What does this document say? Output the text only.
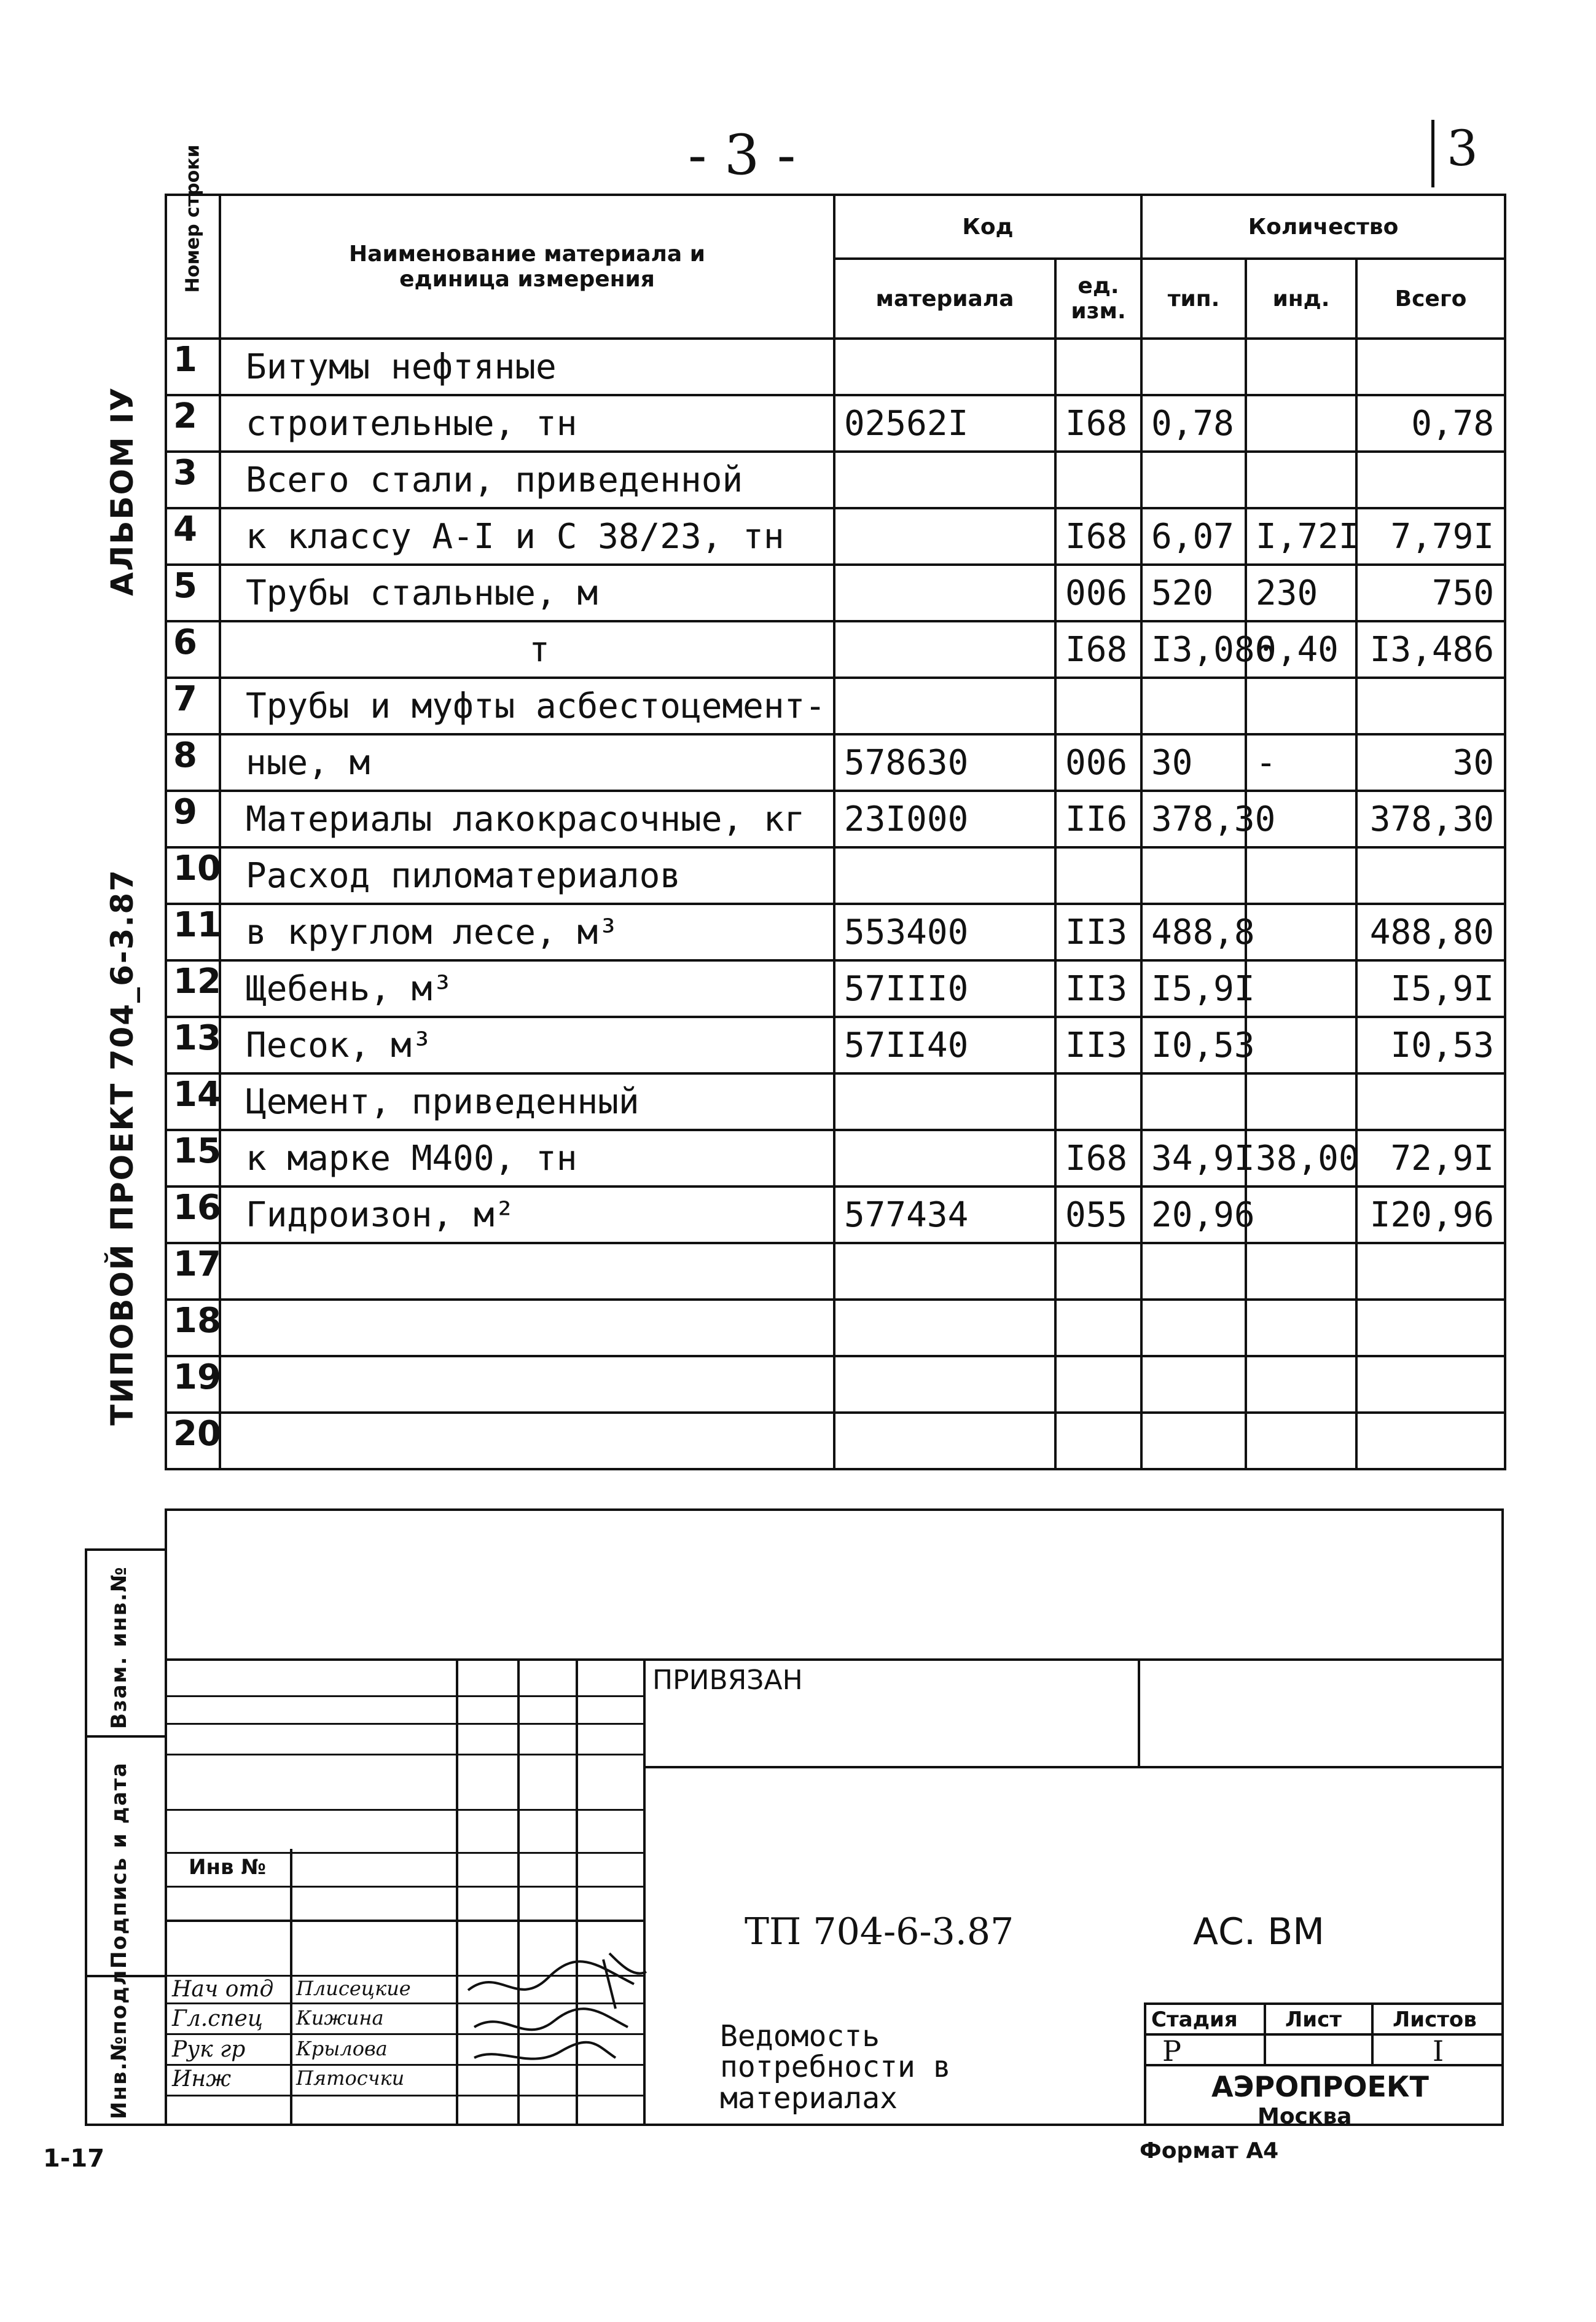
- 3 -	3
АЛЬБОМ IУ
ТИПОВОЙ ПРОЕКТ 704_6-3.87
Номер строки	Наименование материала и единица измерения	Код		Количество		
		материала	ед. изм.	тип.	инд.	Всего
1	Битумы нефтяные					
2	строительные, тн	02562I	I68	0,78		0,78
3	Всего стали, приведенной					
4	к классу А-I и С 38/23, тн		I68	6,07	I,72I	7,79I
5	Трубы стальные, м		006	520	230	750
6	т		I68	I3,086	0,40	I3,486
7	Трубы и муфты асбестоцемент-					
8	ные, м	578630	006	30	-	30
9	Материалы лакокрасочные, кг	23I000	II6	378,30		378,30
10	Расход пиломатериалов					
11	в круглом лесе, м³	553400	II3	488,8		488,80
12	Щебень, м³	57III0	II3	I5,9I		I5,9I
13	Песок, м³	57II40	II3	I0,53		I0,53
14	Цемент, приведенный					
15	к марке М400, тн		I68	34,9I	38,00	72,9I
16	Гидроизон, м²	577434	055	20,96		I20,96
17						
18						
19						
20						
Взам. инв.№
Подпись и дата
Инв.№подл.
ПРИВЯЗАН
Инв №
ТП 704-6-3.87	АС. ВМ
Ведомость потребности в материалах
Стадия Лист Листов
Р	I
АЭРОПРОЕКТ
Москва
Нач отд
Гл.спец
Рук гр
Инж
Плисецкие
Кижина
Крылова
Пятосчки
1-17	Формат А4
